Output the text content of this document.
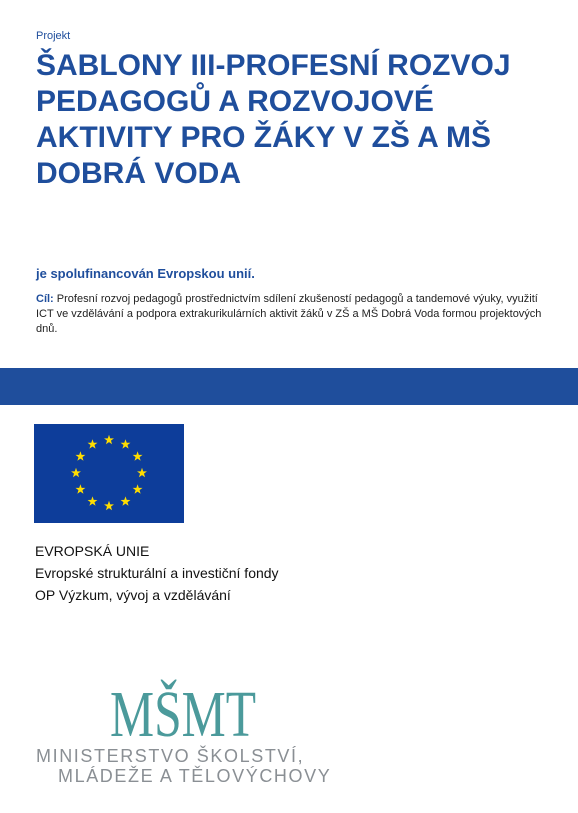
Projekt
ŠABLONY III-PROFESNÍ ROZVOJ PEDAGOGŮ A ROZVOJOVÉ AKTIVITY PRO ŽÁKY V ZŠ A MŠ DOBRÁ VODA
je spolufinancován Evropskou unií.
Cíl: Profesní rozvoj pedagogů prostřednictvím sdílení zkušeností pedagogů a tandemové výuky, využití ICT ve vzdělávání a podpora extrakurikulárních aktivit žáků v ZŠ a MŠ Dobrá Voda formou projektových dnů.
EVROPSKÁ UNIE
Evropské strukturální a investiční fondy
OP Výzkum, vývoj a vzdělávání
MŠMT
MINISTERSTVO ŠKOLSTVÍ,
MLÁDEŽE A TĚLOVÝCHOVY
